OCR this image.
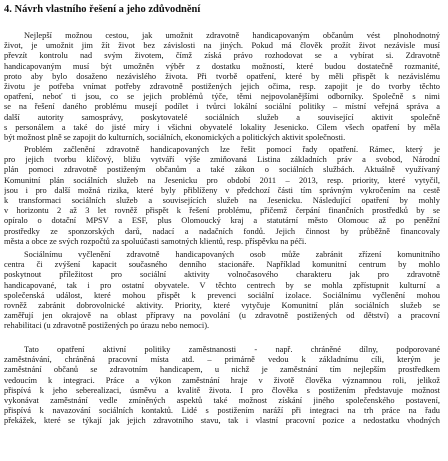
4. Návrh vlastního řešení a jeho zdůvodnění
Nejlepší možnou cestou, jak umožnit zdravotně handicapovaným občanům vést plnohodnotný
život, je umožnit jim žít život bez závislosti na jiných. Pokud má člověk prožít život nezávisle musí
převzít kontrolu nad svým životem, čímž získá právo rozhodovat se a vybírat si. Zdravotně
handicapovaným musí být umožněn výběr z dostatku možností, které budou dostatečně rozmanité,
proto aby bylo dosaženo nezávislého života. Při tvorbě opatření, které by měli přispět k nezávislému
životu je potřeba vnímat potřeby zdravotně postižených jejich očima, resp. zapojit je do tvorby těchto
opatření, neboť ti jsou, co se jejich problémů týče, těmi nejpovolanějšími odborníky. Společně s nimi
se na řešení daného problému musejí podílet i tvůrci lokální sociální politiky – místní veřejná správa a
další autority samosprávy, poskytovatelé sociálních služeb a související aktivit společně
s personálem a také do jisté míry i všichni obyvatelé lokality Jesenicko. Cílem všech opatření by měla
být možnost plně se zapojit do kulturních, sociálních, ekonomických a politických aktivit společnosti.
Problém začlenění zdravotně handicapovaných lze řešit pomocí řady opatření. Rámec, který je
pro jejich tvorbu klíčový, bližu vytváří výše zmiňovaná Listina základních práv a svobod, Národní
plán pomoci zdravotně postiženým občanům a také zákon o sociálních službách. Aktuálně využívaný
Komunitní plán sociálních služeb na Jesenicku pro období 2011 – 2013, resp. priority, které vytyčil,
jsou i pro další možná rizika, které byly přiblíženy v předchozí části tím správným vykročením na cestě
k transformaci sociálních služeb a souvisejících služeb na Jesenicku. Následující opatření by mohly
v horizontu 2 až 3 let rovněž přispět k řešení problému, přičemž čerpání finančních prostředků by se
opíralo o dotační MPSV a ESF, plus Olomoucký kraj a statutární město Olomouc až po peněžní
prostředky ze sponzorských darů, nadací a nadačních fondů. Jejich činnost by průběžně financovaly
města a obce ze svých rozpočtů za spoluúčasti samotných klientů, resp. příspěvku na péči.
Sociálnímu vyčlenění zdravotně handicapovaných osob může zabránit zřízení komunitního
centra či zvýšení kapacit současného denního stacionáře. Například komunitní centrum by mohlo
poskytnout příležitost pro sociální aktivity volnočasového charakteru jak pro zdravotně
handicapované, tak i pro ostatní obyvatele. V těchto centrech by se mohla zpřístupnit kulturní a
společenská událost, které mohou přispět k prevenci sociální izolace. Sociálnímu vyčlenění mohou
rovněž zabránit dobrovolnické aktivity. Priority, které vytyčuje Komunitní plán sociálních služeb se
zaměřují jen okrajově na oblast přípravy na povolání (u zdravotně postižených od dětství) a pracovní
rehabilitaci (u zdravotně postižených po úrazu nebo nemoci).
Tato opatření aktivní politiky zaměstnanosti - např. chráněné dílny, podporované
zaměstnávání, chráněná pracovní místa atd. – primárně vedou k základnímu cíli, kterým je
zaměstnání občanů se zdravotním handicapem, u nichž je zaměstnání tím nejlepším prostředkem
vedoucím k integraci. Práce a výkon zaměstnání hraje v životě člověka významnou roli, jelikož
přispívá k jeho seberealizaci, úsměvu a kvalitě života. I pro člověka s postižením představuje možnost
vykonávat zaměstnání vedle zmíněných aspektů také možnost získání jiného společenského postavení,
přispívá k navazování sociálních kontaktů. Lidé s postižením naráží při integraci na trh práce na řadu
překážek, které se týkají jak jejich zdravotního stavu, tak i vlastní pracovní pozice a nedostatku vhodných
